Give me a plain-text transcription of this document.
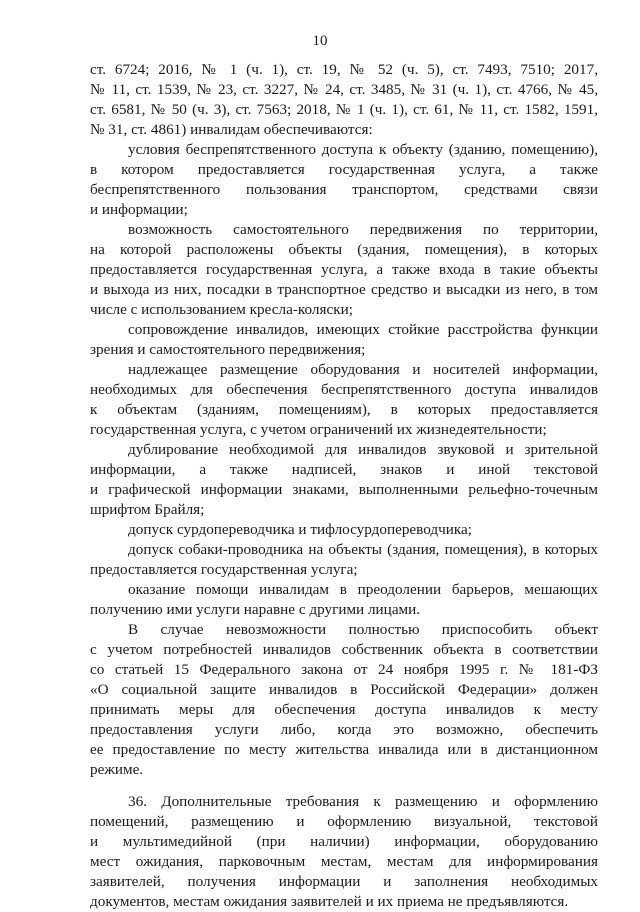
10
ст. 6724; 2016, № 1 (ч. 1), ст. 19, № 52 (ч. 5), ст. 7493, 7510; 2017,
№ 11, ст. 1539, № 23, ст. 3227, № 24, ст. 3485, № 31 (ч. 1), ст. 4766, № 45,
ст. 6581, № 50 (ч. 3), ст. 7563; 2018, № 1 (ч. 1), ст. 61, № 11, ст. 1582, 1591,
№ 31, ст. 4861) инвалидам обеспечиваются:
условия беспрепятственного доступа к объекту (зданию, помещению),
в котором предоставляется государственная услуга, а также
беспрепятственного пользования транспортом, средствами связи
и информации;
возможность самостоятельного передвижения по территории,
на которой расположены объекты (здания, помещения), в которых
предоставляется государственная услуга, а также входа в такие объекты
и выхода из них, посадки в транспортное средство и высадки из него, в том
числе с использованием кресла-коляски;
сопровождение инвалидов, имеющих стойкие расстройства функции
зрения и самостоятельного передвижения;
надлежащее размещение оборудования и носителей информации,
необходимых для обеспечения беспрепятственного доступа инвалидов
к объектам (зданиям, помещениям), в которых предоставляется
государственная услуга, с учетом ограничений их жизнедеятельности;
дублирование необходимой для инвалидов звуковой и зрительной
информации, а также надписей, знаков и иной текстовой
и графической информации знаками, выполненными рельефно-точечным
шрифтом Брайля;
допуск сурдопереводчика и тифлосурдопереводчика;
допуск собаки-проводника на объекты (здания, помещения), в которых
предоставляется государственная услуга;
оказание помощи инвалидам в преодолении барьеров, мешающих
получению ими услуги наравне с другими лицами.
В случае невозможности полностью приспособить объект
с учетом потребностей инвалидов собственник объекта в соответствии
со статьей 15 Федерального закона от 24 ноября 1995 г. № 181-ФЗ
«О социальной защите инвалидов в Российской Федерации» должен
принимать меры для обеспечения доступа инвалидов к месту
предоставления услуги либо, когда это возможно, обеспечить
ее предоставление по месту жительства инвалида или в дистанционном
режиме.
36. Дополнительные требования к размещению и оформлению
помещений, размещению и оформлению визуальной, текстовой
и мультимедийной (при наличии) информации, оборудованию
мест ожидания, парковочным местам, местам для информирования
заявителей, получения информации и заполнения необходимых
документов, местам ожидания заявителей и их приема не предъявляются.
